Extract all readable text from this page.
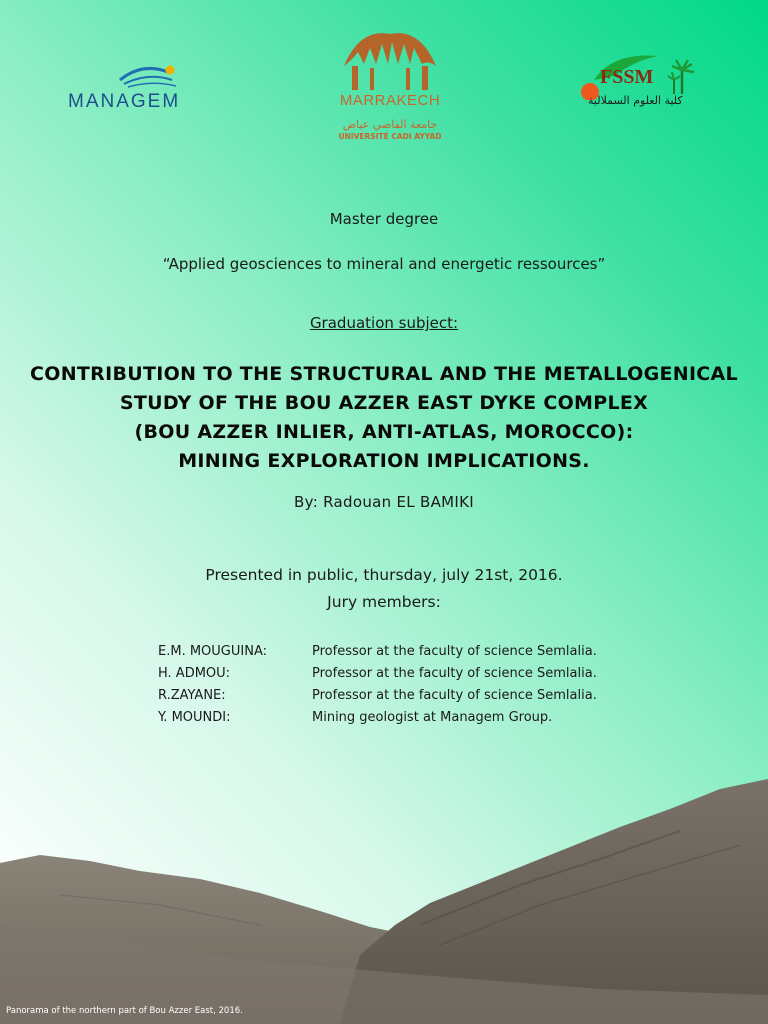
MANAGEM	MARRAKECH
جامعة القاضي عياض
UNIVERSITÉ CADI AYYAD
FSSM
كلية العلوم السملالية
Master degree
“Applied geosciences to mineral and energetic ressources”
Graduation subject:
CONTRIBUTION TO THE STRUCTURAL AND THE METALLOGENICAL
STUDY OF THE BOU AZZER EAST DYKE COMPLEX
(BOU AZZER INLIER, ANTI-ATLAS, MOROCCO):
MINING EXPLORATION IMPLICATIONS.
By: Radouan EL BAMIKI
Presented in public, thursday, july 21st, 2016.
Jury members:
E.M. MOUGUINA:	Professor at the faculty of science Semlalia.
H. ADMOU:	Professor at the faculty of science Semlalia.
R.ZAYANE:	Professor at the faculty of science Semlalia.
Y. MOUNDI:	Mining geologist at Managem Group.
Panorama of the northern part of Bou Azzer East, 2016.
